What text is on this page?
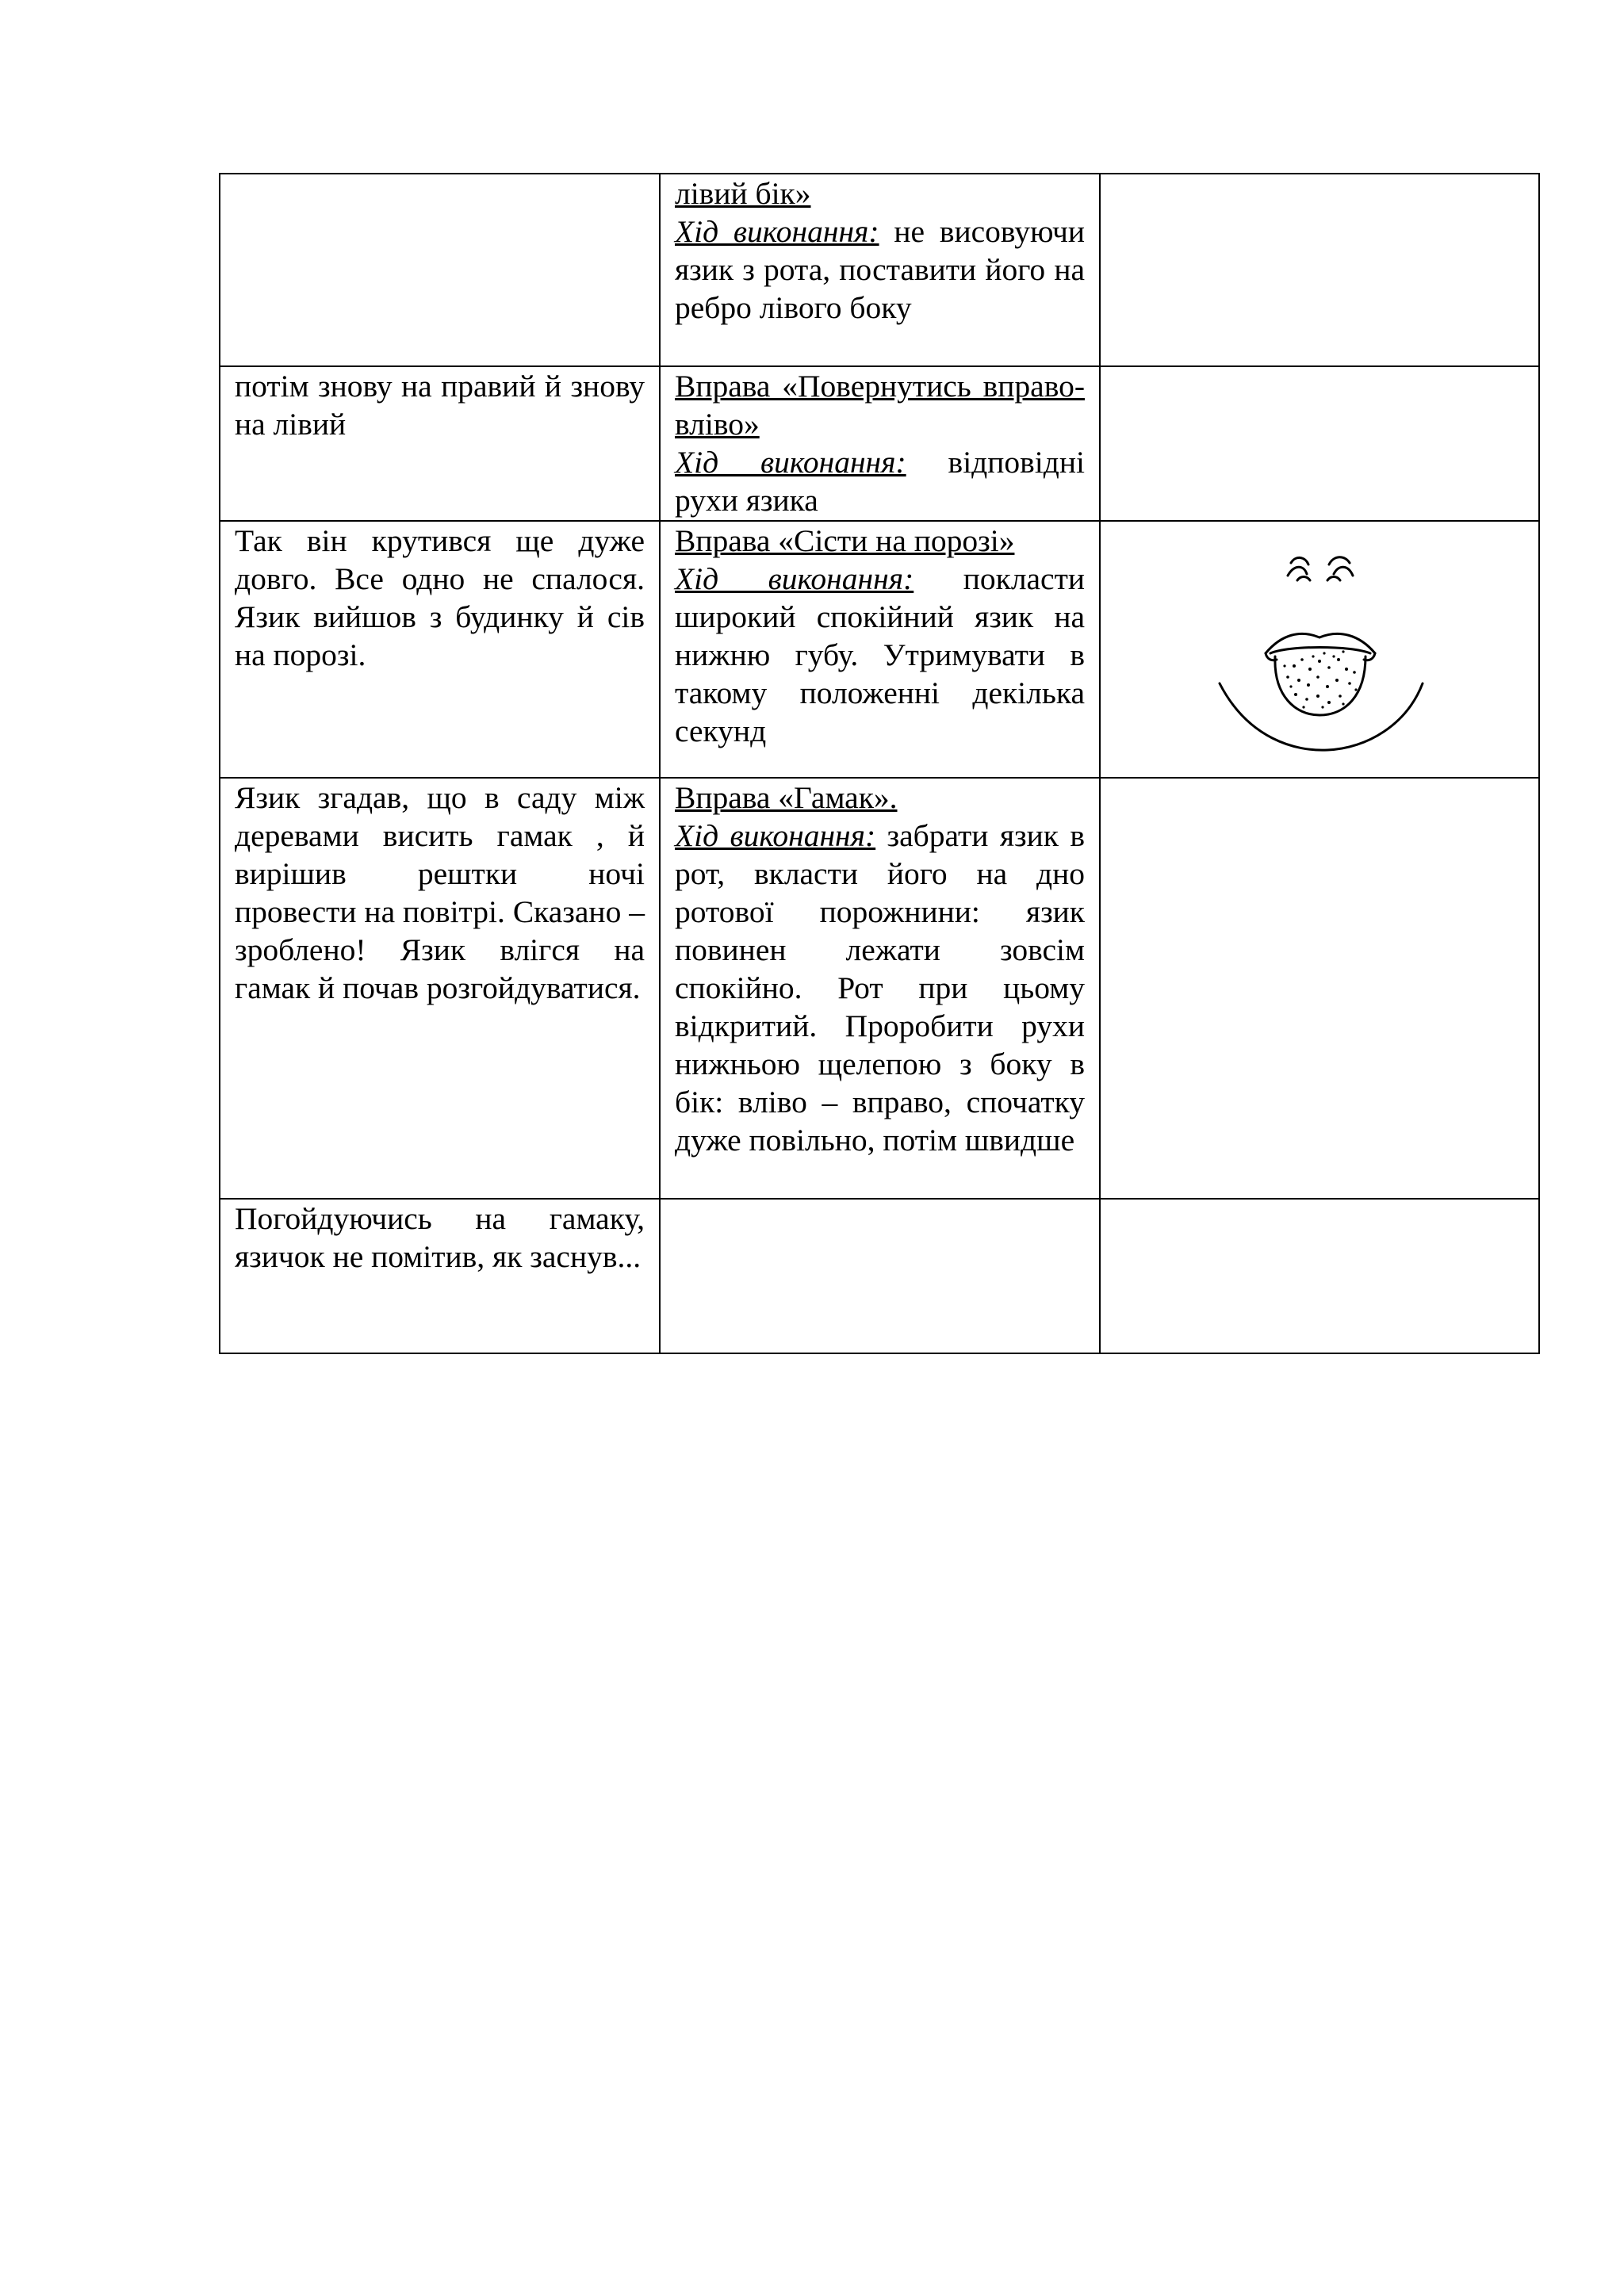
	лівий бік»
Хід виконання: не висовуючи язик з рота, поставити його на ребро лівого боку	
потім знову на правий й знову на лівий	Вправа «Повернутись вправо-вліво»
Хід виконання: відповідні рухи язика	
Так він крутився ще дуже довго. Все одно не спалося. Язик вийшов з будинку й сів на порозі.	Вправа «Сісти на порозі»
Хід виконання: покласти широкий спокійний язик на нижню губу. Утримувати в такому положенні декілька секунд	

Язик згадав, що в саду між деревами висить гамак , й вирішив рештки ночі провести на повітрі. Сказано – зроблено! Язик влігся на гамак й почав розгойдуватися.	Вправа «Гамак».
Хід виконання: забрати язик в рот, вкласти його на дно ротової порожнини: язик повинен лежати зовсім спокійно. Рот при цьому відкритий. Проробити рухи нижньою щелепою з боку в бік: вліво – вправо, спочатку дуже повільно, потім швидше	
Погойдуючись на гамаку, язичок не помітив, як заснув...	
